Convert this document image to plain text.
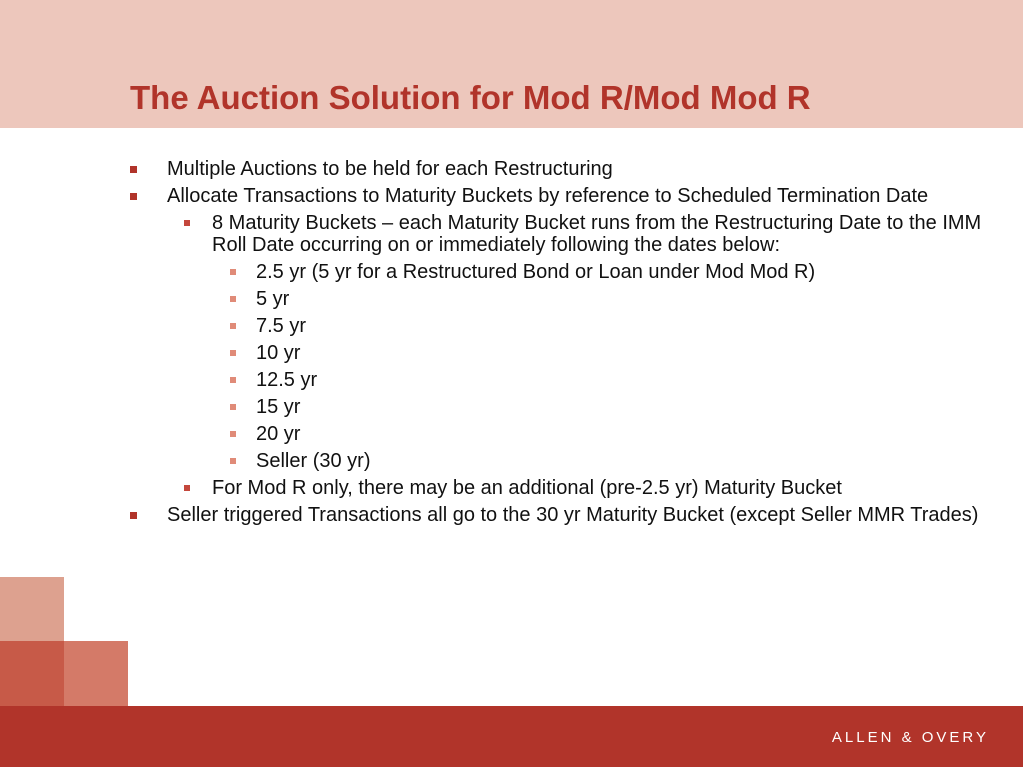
The Auction Solution for Mod R/Mod Mod R
Multiple Auctions to be held for each Restructuring
Allocate Transactions to Maturity Buckets by reference to Scheduled Termination Date
8 Maturity Buckets – each Maturity Bucket runs from the Restructuring Date to the IMM Roll Date occurring on or immediately following the dates below:
2.5 yr (5 yr for a Restructured Bond or Loan under Mod Mod R)
5 yr
7.5 yr
10 yr
12.5 yr
15 yr
20 yr
Seller (30 yr)
For Mod R only, there may be an additional (pre-2.5 yr) Maturity Bucket
Seller triggered Transactions all go to the 30 yr Maturity Bucket (except Seller MMR Trades)
ALLEN & OVERY
